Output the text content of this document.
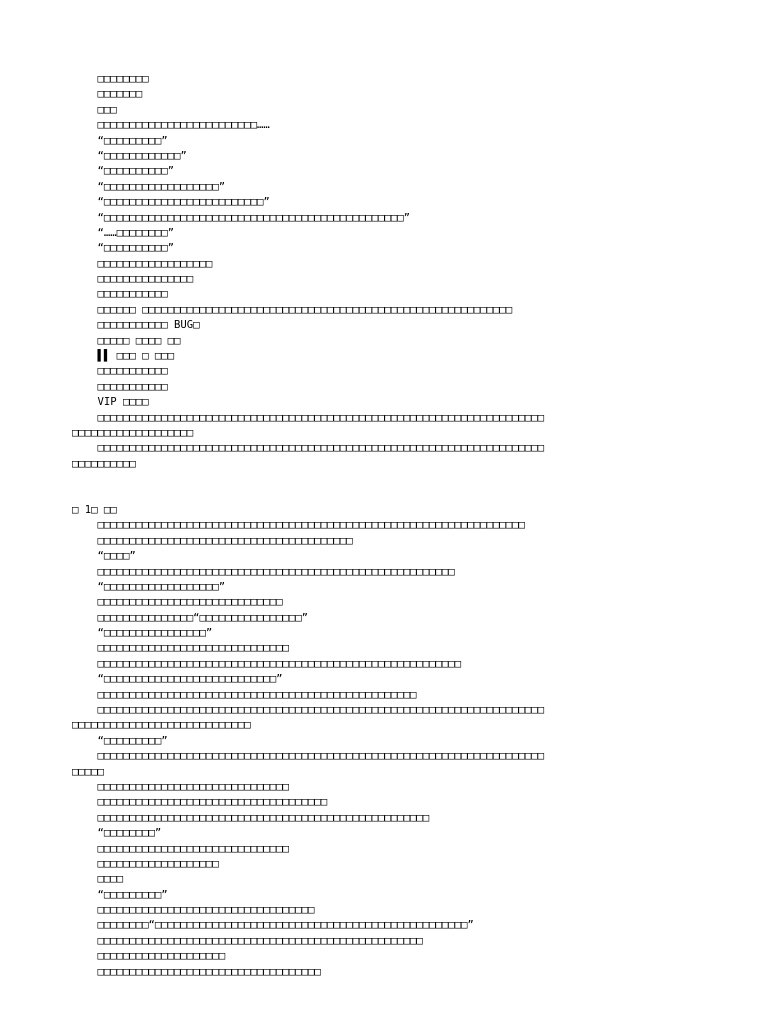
□□□□□□□□
□□□□□□□
□□□
□□□□□□□□□□□□□□□□□□□□□□□□□……
“□□□□□□□□□”
“□□□□□□□□□□□□”
“□□□□□□□□□□”
“□□□□□□□□□□□□□□□□□□”
“□□□□□□□□□□□□□□□□□□□□□□□□□”
“□□□□□□□□□□□□□□□□□□□□□□□□□□□□□□□□□□□□□□□□□□□□□□□”
“……□□□□□□□□”
“□□□□□□□□□□”
□□□□□□□□□□□□□□□□□□
□□□□□□□□□□□□□□□
□□□□□□□□□□□
□□□□□□ □□□□□□□□□□□□□□□□□□□□□□□□□□□□□□□□□□□□□□□□□□□□□□□□□□□□□□□□□□
□□□□□□□□□□□ BUG□
□□□□□ □□□□ □□
▌▌ □□□ □ □□□
□□□□□□□□□□□
□□□□□□□□□□□
VIP □□□□
□□□□□□□□□□□□□□□□□□□□□□□□□□□□□□□□□□□□□□□□□□□□□□□□□□□□□□□□□□□□□□□□□□□□□□
□□□□□□□□□□□□□□□□□□□
□□□□□□□□□□□□□□□□□□□□□□□□□□□□□□□□□□□□□□□□□□□□□□□□□□□□□□□□□□□□□□□□□□□□□□
□□□□□□□□□□
□ 1□ □□
□□□□□□□□□□□□□□□□□□□□□□□□□□□□□□□□□□□□□□□□□□□□□□□□□□□□□□□□□□□□□□□□□□□
□□□□□□□□□□□□□□□□□□□□□□□□□□□□□□□□□□□□□□□□
“□□□□”
□□□□□□□□□□□□□□□□□□□□□□□□□□□□□□□□□□□□□□□□□□□□□□□□□□□□□□□□
“□□□□□□□□□□□□□□□□□□”
□□□□□□□□□□□□□□□□□□□□□□□□□□□□□
□□□□□□□□□□□□□□□“□□□□□□□□□□□□□□□□”
“□□□□□□□□□□□□□□□□”
□□□□□□□□□□□□□□□□□□□□□□□□□□□□□□
□□□□□□□□□□□□□□□□□□□□□□□□□□□□□□□□□□□□□□□□□□□□□□□□□□□□□□□□□
“□□□□□□□□□□□□□□□□□□□□□□□□□□□”
□□□□□□□□□□□□□□□□□□□□□□□□□□□□□□□□□□□□□□□□□□□□□□□□□□
□□□□□□□□□□□□□□□□□□□□□□□□□□□□□□□□□□□□□□□□□□□□□□□□□□□□□□□□□□□□□□□□□□□□□□
□□□□□□□□□□□□□□□□□□□□□□□□□□□□
“□□□□□□□□□”
□□□□□□□□□□□□□□□□□□□□□□□□□□□□□□□□□□□□□□□□□□□□□□□□□□□□□□□□□□□□□□□□□□□□□□
□□□□□
□□□□□□□□□□□□□□□□□□□□□□□□□□□□□□
□□□□□□□□□□□□□□□□□□□□□□□□□□□□□□□□□□□□
□□□□□□□□□□□□□□□□□□□□□□□□□□□□□□□□□□□□□□□□□□□□□□□□□□□□
“□□□□□□□□”
□□□□□□□□□□□□□□□□□□□□□□□□□□□□□□
□□□□□□□□□□□□□□□□□□□
□□□□
“□□□□□□□□□”
□□□□□□□□□□□□□□□□□□□□□□□□□□□□□□□□□□
□□□□□□□□“□□□□□□□□□□□□□□□□□□□□□□□□□□□□□□□□□□□□□□□□□□□□□□□□□”
□□□□□□□□□□□□□□□□□□□□□□□□□□□□□□□□□□□□□□□□□□□□□□□□□□□
□□□□□□□□□□□□□□□□□□□□
□□□□□□□□□□□□□□□□□□□□□□□□□□□□□□□□□□□
